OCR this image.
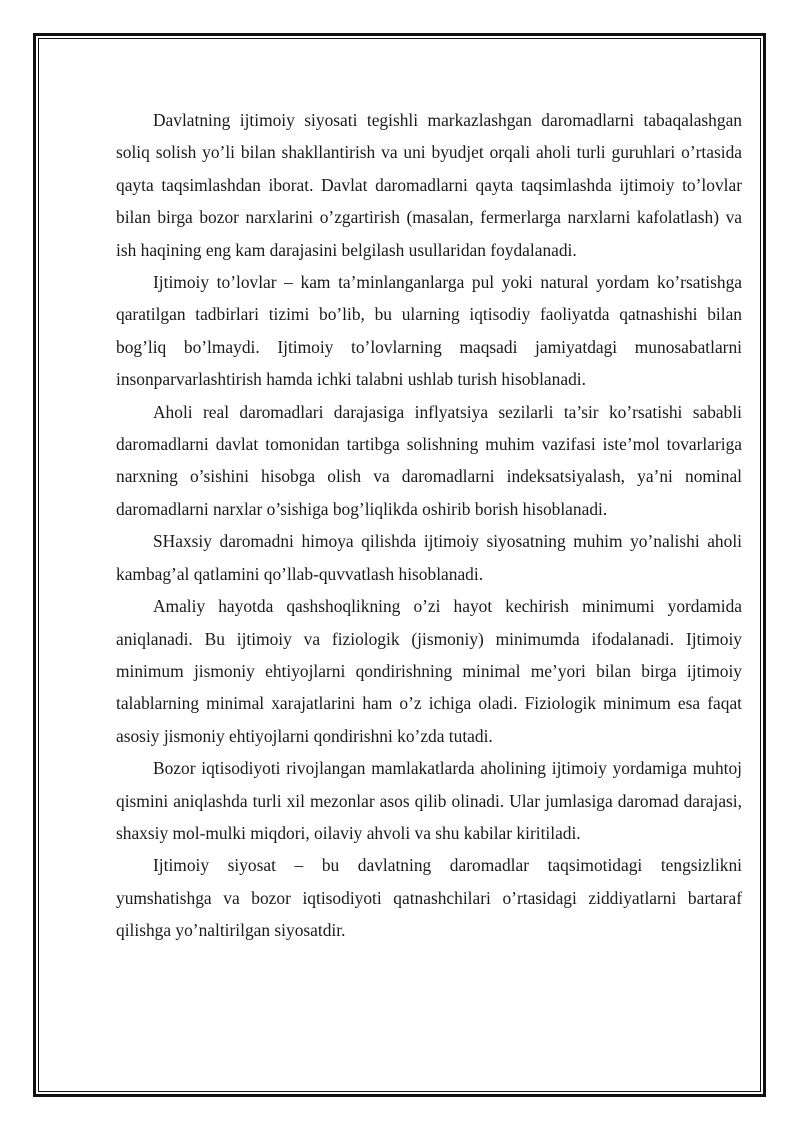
Davlatning ijtimoiy siyosati tegishli markazlashgan daromadlarni tabaqalashgan soliq solish yo’li bilan shakllantirish va uni byudjet orqali aholi turli guruhlari o’rtasida qayta taqsimlashdan iborat. Davlat daromadlarni qayta taqsimlashda ijtimoiy to’lovlar bilan birga bozor narxlarini o’zgartirish (masalan, fermerlarga narxlarni kafolatlash) va ish haqining eng kam darajasini belgilash usullaridan foydalanadi.

Ijtimoiy to’lovlar – kam ta’minlanganlarga pul yoki natural yordam ko’rsatishga qaratilgan tadbirlari tizimi bo’lib, bu ularning iqtisodiy faoliyatda qatnashishi bilan bog’liq bo’lmaydi. Ijtimoiy to’lovlarning maqsadi jamiyatdagi munosabatlarni insonparvarlashtirish hamda ichki talabni ushlab turish hisoblanadi.

Aholi real daromadlari darajasiga inflyatsiya sezilarli ta’sir ko’rsatishi sababli daromadlarni davlat tomonidan tartibga solishning muhim vazifasi iste’mol tovarlariga narxning o’sishini hisobga olish va daromadlarni indeksatsiyalash, ya’ni nominal daromadlarni narxlar o’sishiga bog’liqlikda oshirib borish hisoblanadi.

SHaxsiy daromadni himoya qilishda ijtimoiy siyosatning muhim yo’nalishi aholi kambag’al qatlamini qo’llab-quvvatlash hisoblanadi.

Amaliy hayotda qashshoqlikning o’zi hayot kechirish minimumi yordamida aniqlanadi. Bu ijtimoiy va fiziologik (jismoniy) minimumda ifodalanadi. Ijtimoiy minimum jismoniy ehtiyojlarni qondirishning minimal me’yori bilan birga ijtimoiy talablarning minimal xarajatlarini ham o’z ichiga oladi. Fiziologik minimum esa faqat asosiy jismoniy ehtiyojlarni qondirishni ko’zda tutadi.

Bozor iqtisodiyoti rivojlangan mamlakatlarda aholining ijtimoiy yordamiga muhtoj qismini aniqlashda turli xil mezonlar asos qilib olinadi. Ular jumlasiga daromad darajasi, shaxsiy mol-mulki miqdori, oilaviy ahvoli va shu kabilar kiritiladi.

Ijtimoiy siyosat – bu davlatning daromadlar taqsimotidagi tengsizlikni yumshatishga va bozor iqtisodiyoti qatnashchilari o’rtasidagi ziddiyatlarni bartaraf qilishga yo’naltirilgan siyosatdir.
